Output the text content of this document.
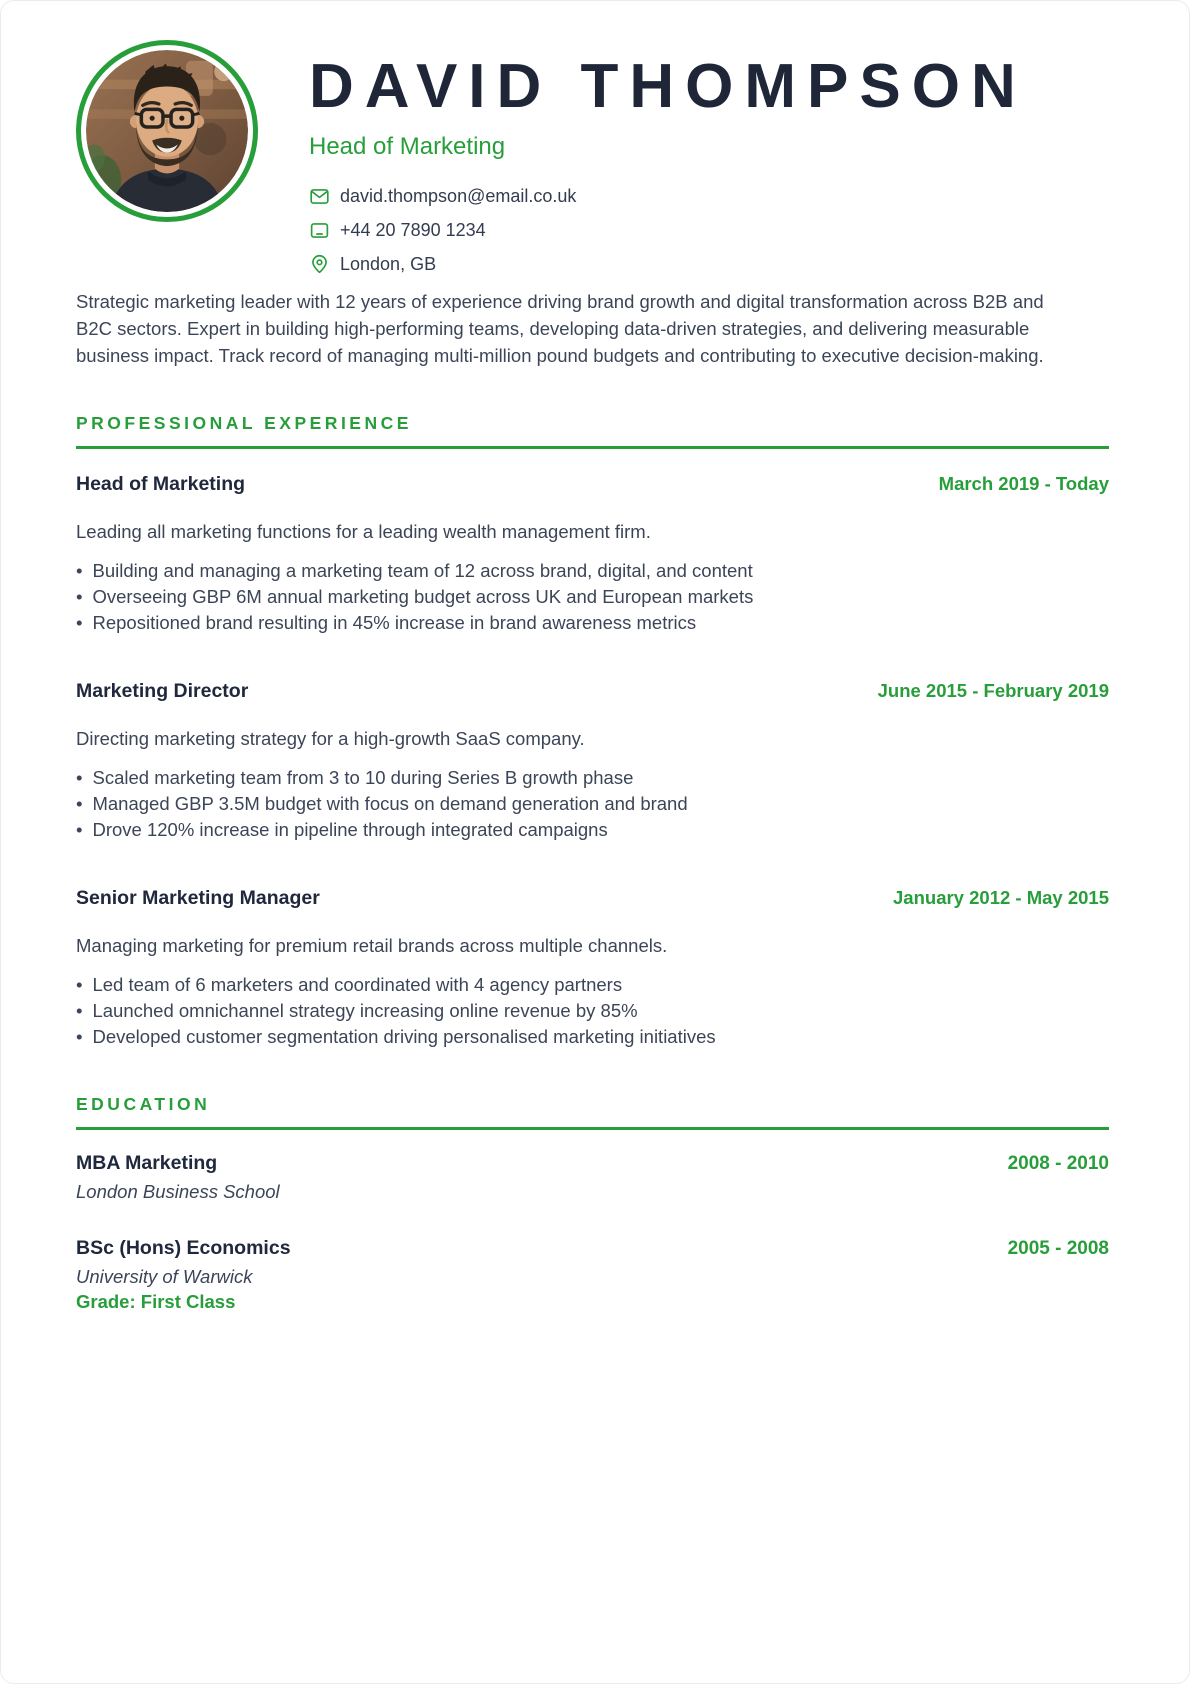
DAVID THOMPSON
Head of Marketing
david.thompson@email.co.uk
+44 20 7890 1234
London, GB

Strategic marketing leader with 12 years of experience driving brand growth and digital transformation across B2B and B2C sectors. Expert in building high-performing teams, developing data-driven strategies, and delivering measurable business impact. Track record of managing multi-million pound budgets and contributing to executive decision-making.

PROFESSIONAL EXPERIENCE
Head of Marketing	March 2019 - Today

Leading all marketing functions for a leading wealth management firm.

• Building and managing a marketing team of 12 across brand, digital, and content
• Overseeing GBP 6M annual marketing budget across UK and European markets
• Repositioned brand resulting in 45% increase in brand awareness metrics
Marketing Director	June 2015 - February 2019

Directing marketing strategy for a high-growth SaaS company.

• Scaled marketing team from 3 to 10 during Series B growth phase
• Managed GBP 3.5M budget with focus on demand generation and brand
• Drove 120% increase in pipeline through integrated campaigns
Senior Marketing Manager	January 2012 - May 2015

Managing marketing for premium retail brands across multiple channels.

• Led team of 6 marketers and coordinated with 4 agency partners
• Launched omnichannel strategy increasing online revenue by 85%
• Developed customer segmentation driving personalised marketing initiatives
EDUCATION
MBA Marketing	2008 - 2010
London Business School
BSc (Hons) Economics	2005 - 2008
University of Warwick
Grade: First Class
